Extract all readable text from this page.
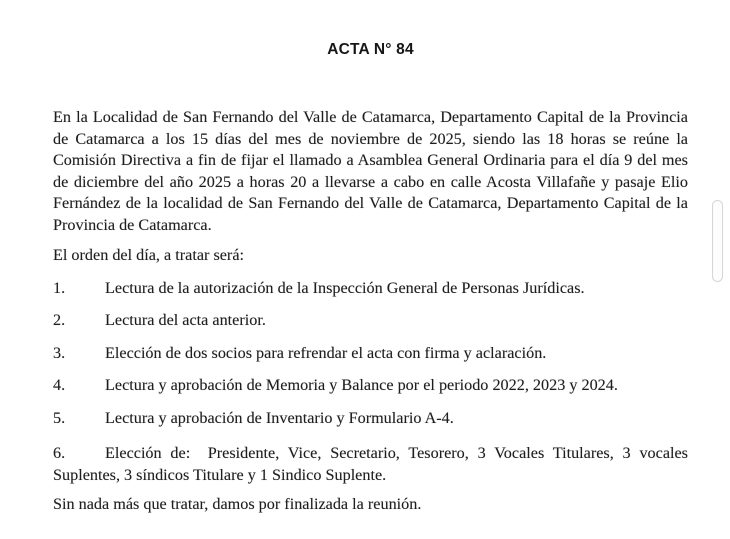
ACTA N° 84

En la Localidad de San Fernando del Valle de Catamarca, Departamento Capital de la Provincia de Catamarca a los 15 días del mes de noviembre de 2025, siendo las 18 horas se reúne la Comisión Directiva a fin de fijar el llamado a Asamblea General Ordinaria para el día 9 del mes de diciembre del año 2025 a horas 20 a llevarse a cabo en calle Acosta Villafañe y pasaje Elio Fernández de la localidad de San Fernando del Valle de Catamarca, Departamento Capital de la Provincia de Catamarca.

El orden del día, a tratar será:

1. Lectura de la autorización de la Inspección General de Personas Jurídicas.
2. Lectura del acta anterior.
3. Elección de dos socios para refrendar el acta con firma y aclaración.
4. Lectura y aprobación de Memoria y Balance por el periodo 2022, 2023 y 2024.
5. Lectura y aprobación de Inventario y Formulario A-4.
6. Elección de:  Presidente, Vice, Secretario, Tesorero, 3 Vocales Titulares, 3 vocales Suplentes, 3 síndicos Titulare y 1 Sindico Suplente.

Sin nada más que tratar, damos por finalizada la reunión.
